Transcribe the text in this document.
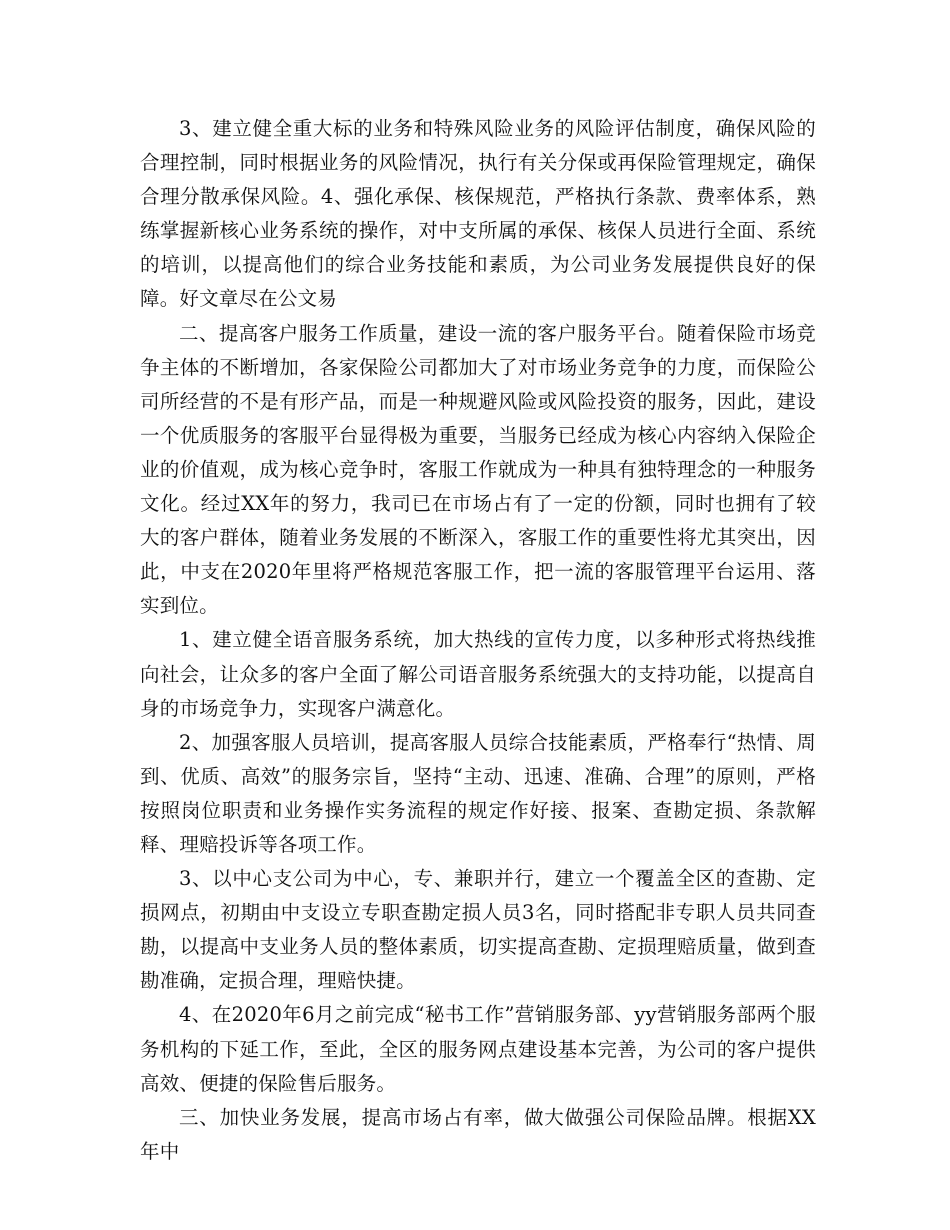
3、建立健全重大标的业务和特殊风险业务的风险评估制度，确保风险的合理控制，同时根据业务的风险情况，执行有关分保或再保险管理规定，确保合理分散承保风险。4、强化承保、核保规范，严格执行条款、费率体系，熟练掌握新核心业务系统的操作，对中支所属的承保、核保人员进行全面、系统的培训，以提高他们的综合业务技能和素质，为公司业务发展提供良好的保障。好文章尽在公文易

二、提高客户服务工作质量，建设一流的客户服务平台。随着保险市场竞争主体的不断增加，各家保险公司都加大了对市场业务竞争的力度，而保险公司所经营的不是有形产品，而是一种规避风险或风险投资的服务，因此，建设一个优质服务的客服平台显得极为重要，当服务已经成为核心内容纳入保险企业的价值观，成为核心竞争时，客服工作就成为一种具有独特理念的一种服务文化。经过XX年的努力，我司已在市场占有了一定的份额，同时也拥有了较大的客户群体，随着业务发展的不断深入，客服工作的重要性将尤其突出，因此，中支在2020年里将严格规范客服工作，把一流的客服管理平台运用、落实到位。

1、建立健全语音服务系统，加大热线的宣传力度，以多种形式将热线推向社会，让众多的客户全面了解公司语音服务系统强大的支持功能，以提高自身的市场竞争力，实现客户满意化。

2、加强客服人员培训，提高客服人员综合技能素质，严格奉行“热情、周到、优质、高效”的服务宗旨，坚持“主动、迅速、准确、合理”的原则，严格按照岗位职责和业务操作实务流程的规定作好接、报案、查勘定损、条款解释、理赔投诉等各项工作。

3、以中心支公司为中心，专、兼职并行，建立一个覆盖全区的查勘、定损网点，初期由中支设立专职查勘定损人员3名，同时搭配非专职人员共同查勘，以提高中支业务人员的整体素质，切实提高查勘、定损理赔质量，做到查勘准确，定损合理，理赔快捷。

4、在2020年6月之前完成“秘书工作”营销服务部、yy营销服务部两个服务机构的下延工作，至此，全区的服务网点建设基本完善，为公司的客户提供高效、便捷的保险售后服务。

三、加快业务发展，提高市场占有率，做大做强公司保险品牌。根据XX年中
